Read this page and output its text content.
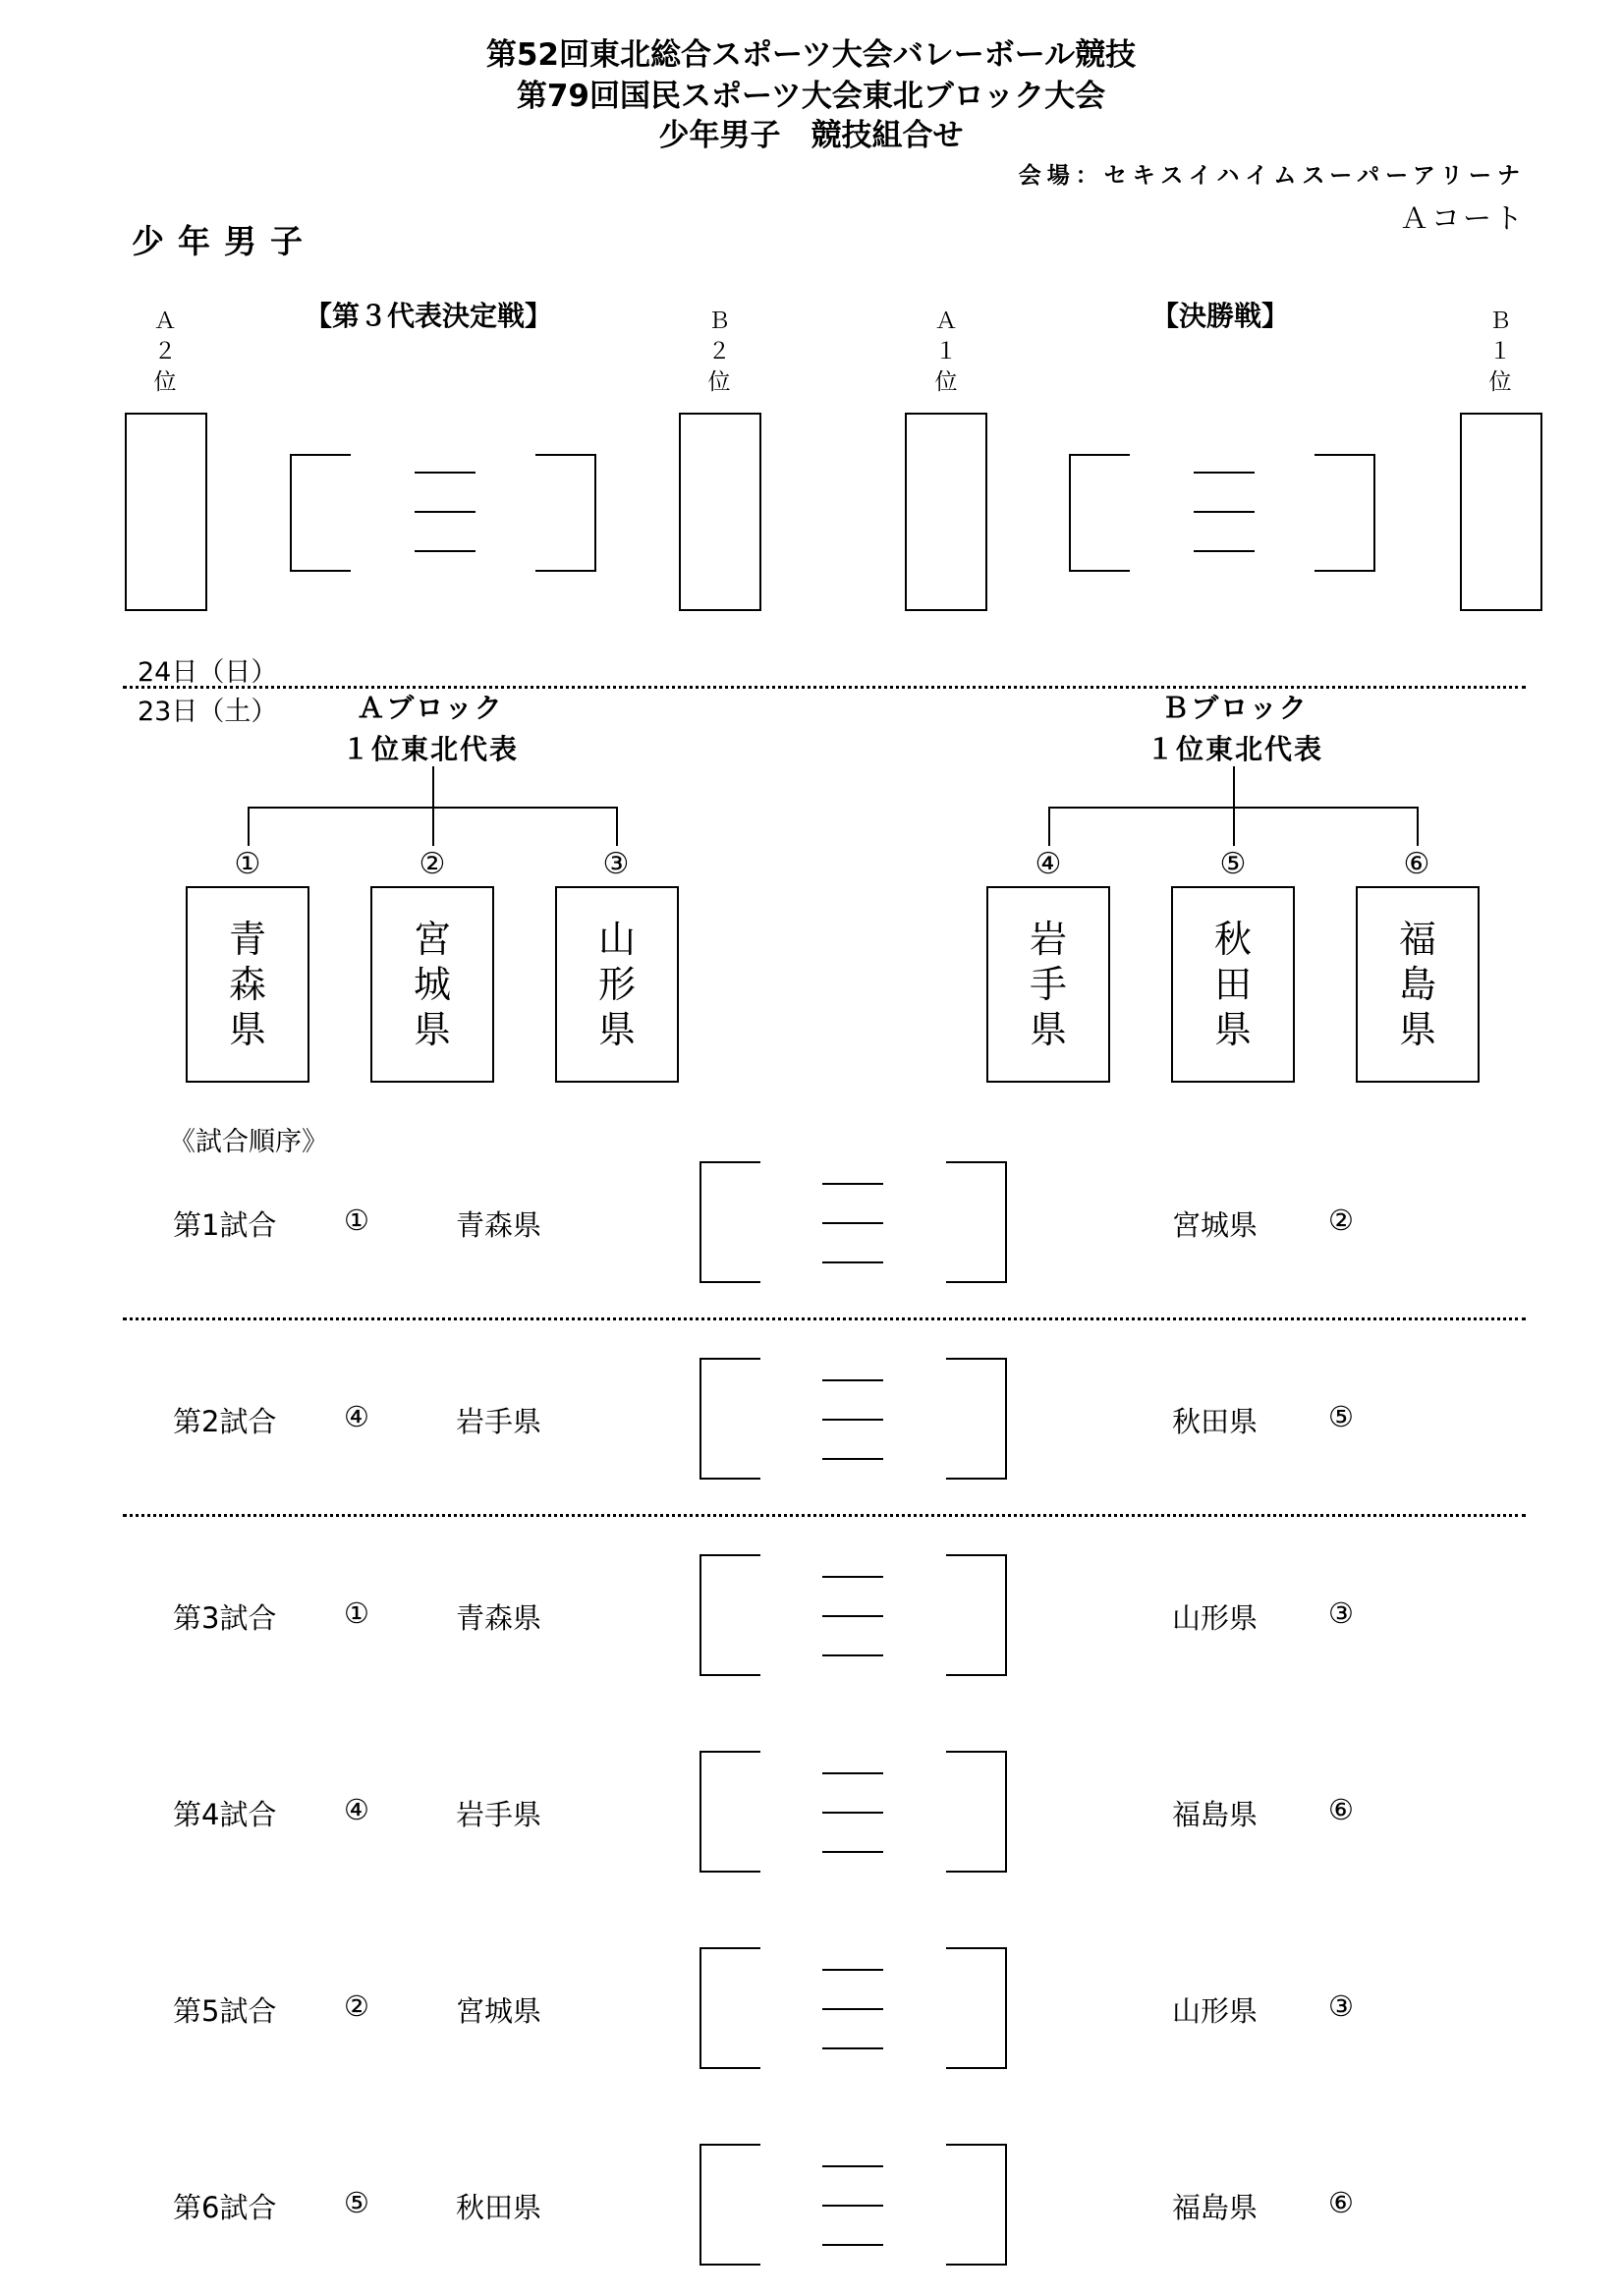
第52回東北総合スポーツ大会バレーボール競技
第79回国民スポーツ大会東北ブロック大会
少年男子　競技組合せ
会場：セキスイハイムスーパーアリーナ
Ａコート
少年男子
【第３代表決定戦】
Ａ
２
位
Ｂ
２
位
【決勝戦】
Ａ
１
位
Ｂ
１
位
24日（日）
23日（土）	Ａブロック
１位東北代表
①	②	③
青
森
県
宮
城
県
山
形
県
Ｂブロック
１位東北代表
④	⑤	⑥
岩
手
県
秋
田
県
福
島
県
《試合順序》
第1試合 ①	青森県	宮城県 ②
第2試合 ④	岩手県	秋田県 ⑤
第3試合 ①	青森県	山形県 ③
第4試合 ④	岩手県	福島県 ⑥
第5試合 ②	宮城県	山形県 ③
第6試合 ⑤	秋田県	福島県 ⑥
